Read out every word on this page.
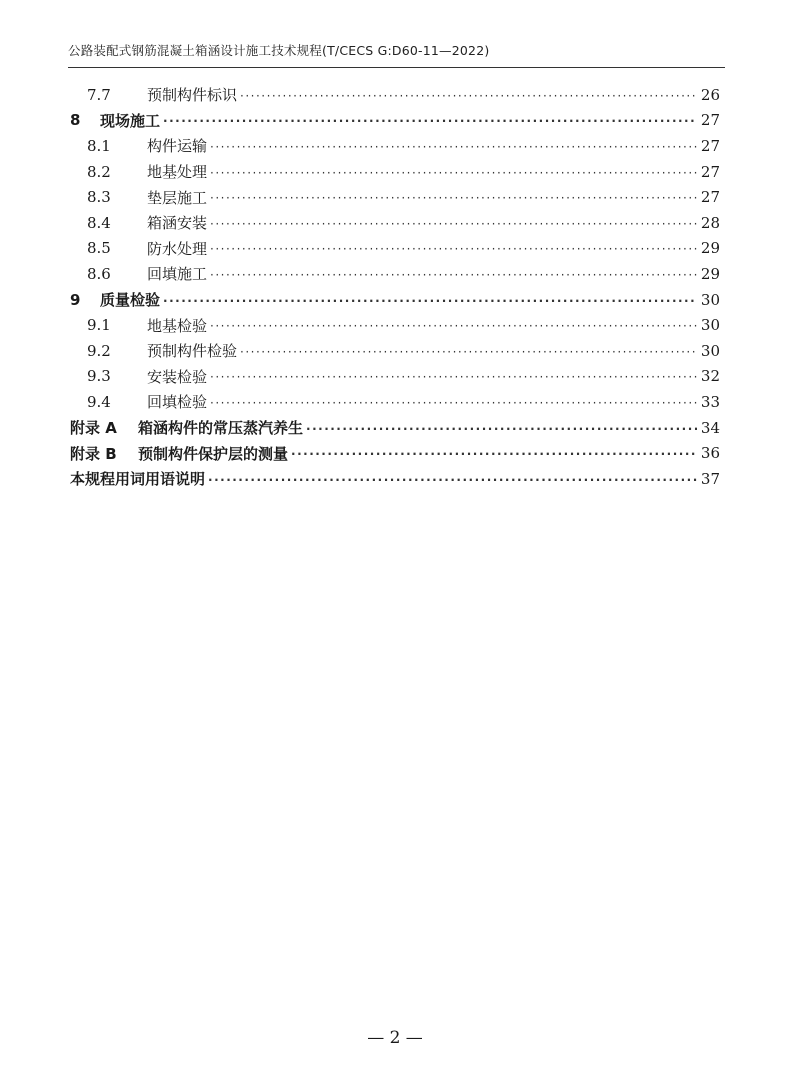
公路装配式钢筋混凝土箱涵设计施工技术规程(T/CECS G:D60-11—2022)
7.7	预制构件标识 ·····	26
8	现场施工 ·····	27
8.1	构件运输 ·····	27
8.2	地基处理 ·····	27
8.3	垫层施工 ·····	27
8.4	箱涵安装 ·····	28
8.5	防水处理 ·····	29
8.6	回填施工 ·····	29
9	质量检验 ·····	30
9.1	地基检验 ·····	30
9.2	预制构件检验 ·····	30
9.3	安装检验 ·····	32
9.4	回填检验 ·····	33
附录 A	箱涵构件的常压蒸汽养生 ·····	34
附录 B	预制构件保护层的测量 ·····	36
本规程用词用语说明 ·····	37
— 2 —
